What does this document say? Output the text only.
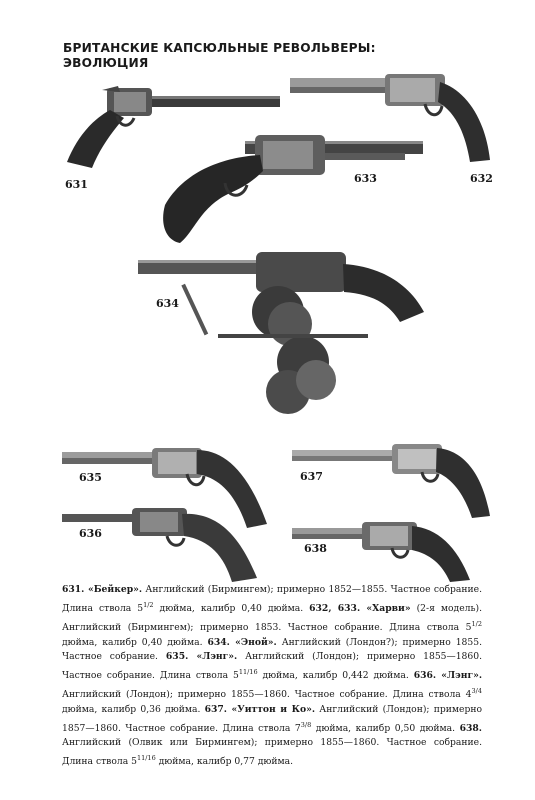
БРИТАНСКИЕ КАПСЮЛЬНЫЕ РЕВОЛЬВЕРЫ:
ЭВОЛЮЦИЯ
631	632
633
634
635
636
637
638

631. «Бейкер». Английский (Бирмингем); примерно 1852—1855. Частное собрание. Длина ствола $5^{1/2}$ дюйма, калибр 0,40 дюйма. 632, 633. «Харви» (2-я модель). Английский (Бирмингем); примерно 1853. Частное собрание. Длина ствола $5^{1/2}$ дюйма, калибр 0,40 дюйма. 634. «Эной». Английский (Лондон?); примерно 1855. Частное собрание. 635. «Лэнг». Английский (Лондон); примерно 1855—1860. Частное собрание. Длина ствола $5^{11/16}$ дюйма, калибр 0,442 дюйма. 636. «Лэнг». Английский (Лондон); примерно 1855—1860. Частное собрание. Длина ствола $4^{3/4}$ дюйма, калибр 0,36 дюйма. 637. «Уиттон и Ко». Английский (Лондон); примерно 1857—1860. Частное собрание. Длина ствола $7^{3/8}$ дюйма, калибр 0,50 дюйма. 638. Английский (Олвик или Бирмингем); примерно 1855—1860. Частное собрание. Длина ствола $5^{11/16}$ дюйма, калибр 0,77 дюйма.
